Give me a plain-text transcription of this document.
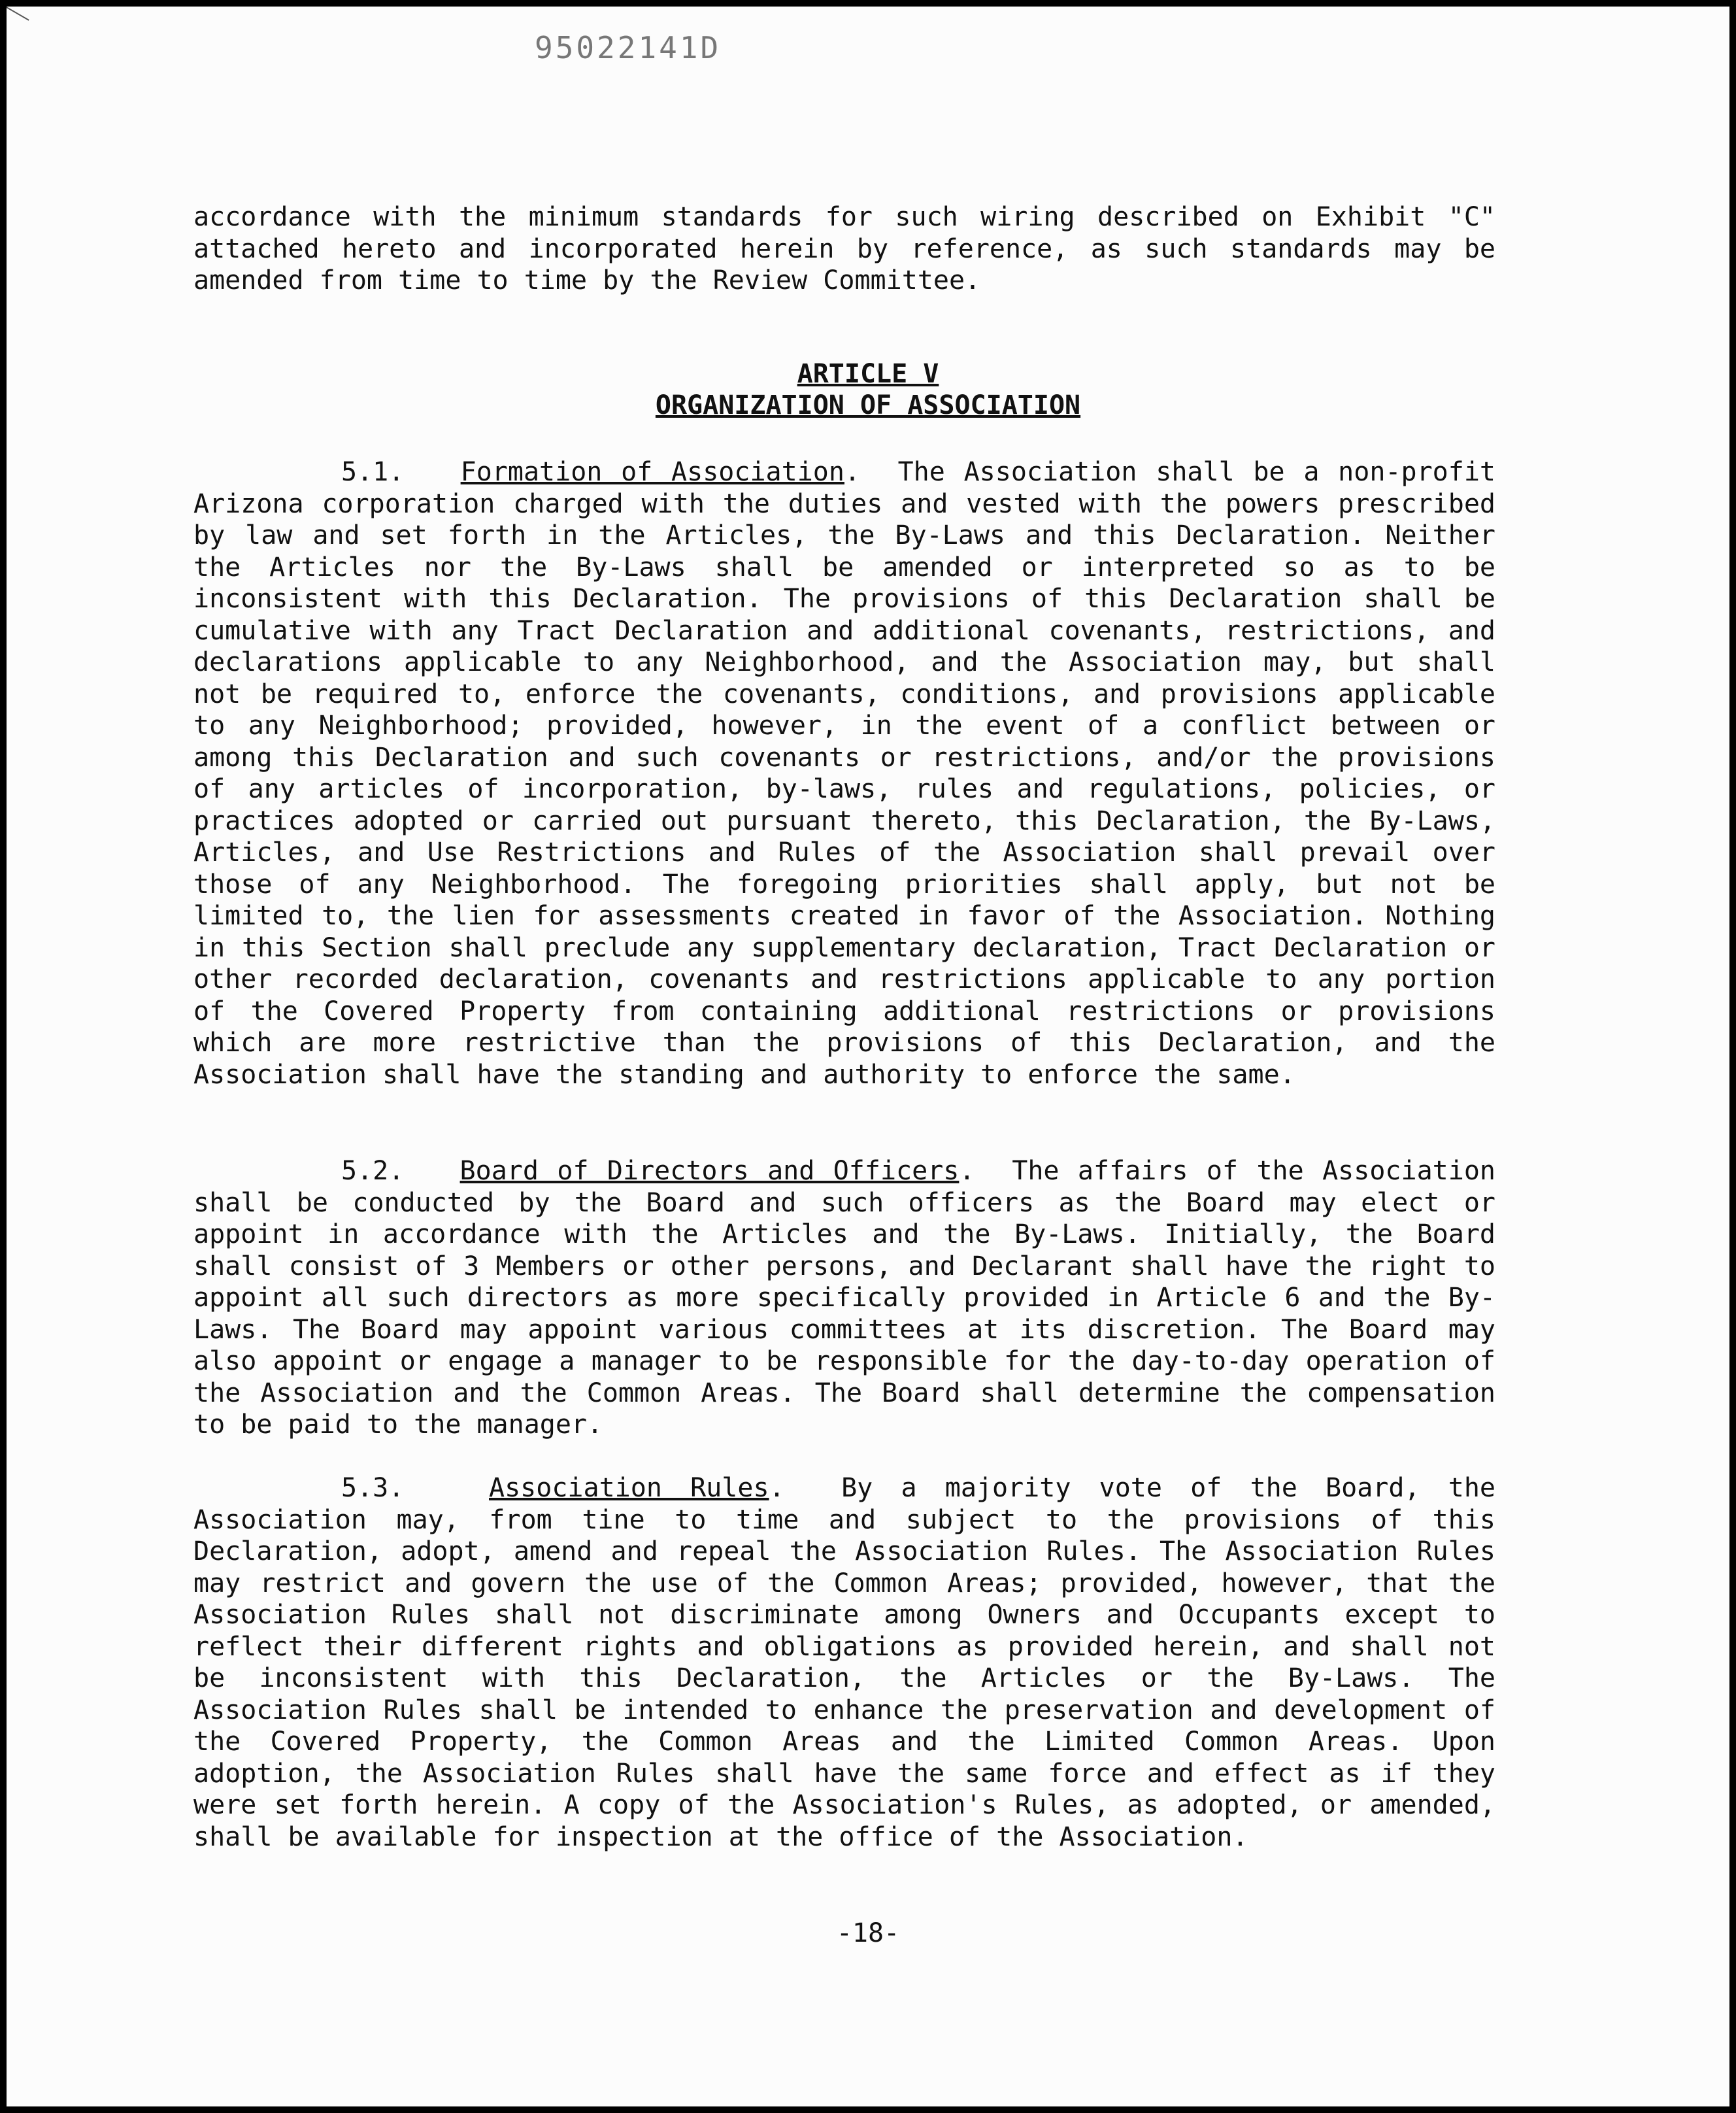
95022141D
accordance with the minimum standards for such wiring described on Exhibit "C" attached hereto and incorporated herein by reference, as such standards may be amended from time to time by the Review Committee.
ARTICLE V
ORGANIZATION OF ASSOCIATION
5.1. Formation of Association.  The Association shall be a non-profit Arizona corporation charged with the duties and vested with the powers prescribed by law and set forth in the Articles, the By-Laws and this Declaration. Neither the Articles nor the By-Laws shall be amended or interpreted so as to be inconsistent with this Declaration. The provisions of this Declaration shall be cumulative with any Tract Declaration and additional covenants, restrictions, and declarations applicable to any Neighborhood, and the Association may, but shall not be required to, enforce the covenants, conditions, and provisions applicable to any Neighborhood; provided, however, in the event of a conflict between or among this Declaration and such covenants or restrictions, and/or the provisions of any articles of incorporation, by-laws, rules and regulations, policies, or practices adopted or carried out pursuant thereto, this Declaration, the By-Laws, Articles, and Use Restrictions and Rules of the Association shall prevail over those of any Neighborhood. The foregoing priorities shall apply, but not be limited to, the lien for assessments created in favor of the Association. Nothing in this Section shall preclude any supplementary declaration, Tract Declaration or other recorded declaration, covenants and restrictions applicable to any portion of the Covered Property from containing additional restrictions or provisions which are more restrictive than the provisions of this Declaration, and the Association shall have the standing and authority to enforce the same.
5.2. Board of Directors and Officers.  The affairs of the Association shall be conducted by the Board and such officers as the Board may elect or appoint in accordance with the Articles and the By-Laws. Initially, the Board shall consist of 3 Members or other persons, and Declarant shall have the right to appoint all such directors as more specifically provided in Article 6 and the By-Laws. The Board may appoint various committees at its discretion. The Board may also appoint or engage a manager to be responsible for the day-to-day operation of the Association and the Common Areas. The Board shall determine the compensation to be paid to the manager.
5.3.	Association Rules.  By a majority vote of the Board, the Association may, from tine to time and subject to the provisions of this Declaration, adopt, amend and repeal the Association Rules. The Association Rules may restrict and govern the use of the Common Areas; provided, however, that the Association Rules shall not discriminate among Owners and Occupants except to reflect their different rights and obligations as provided herein, and shall not be inconsistent with this Declaration, the Articles or the By-Laws. The Association Rules shall be intended to enhance the preservation and development of the Covered Property, the Common Areas and the Limited Common Areas. Upon adoption, the Association Rules shall have the same force and effect as if they were set forth herein. A copy of the Association's Rules, as adopted, or amended, shall be available for inspection at the office of the Association.
-18-
